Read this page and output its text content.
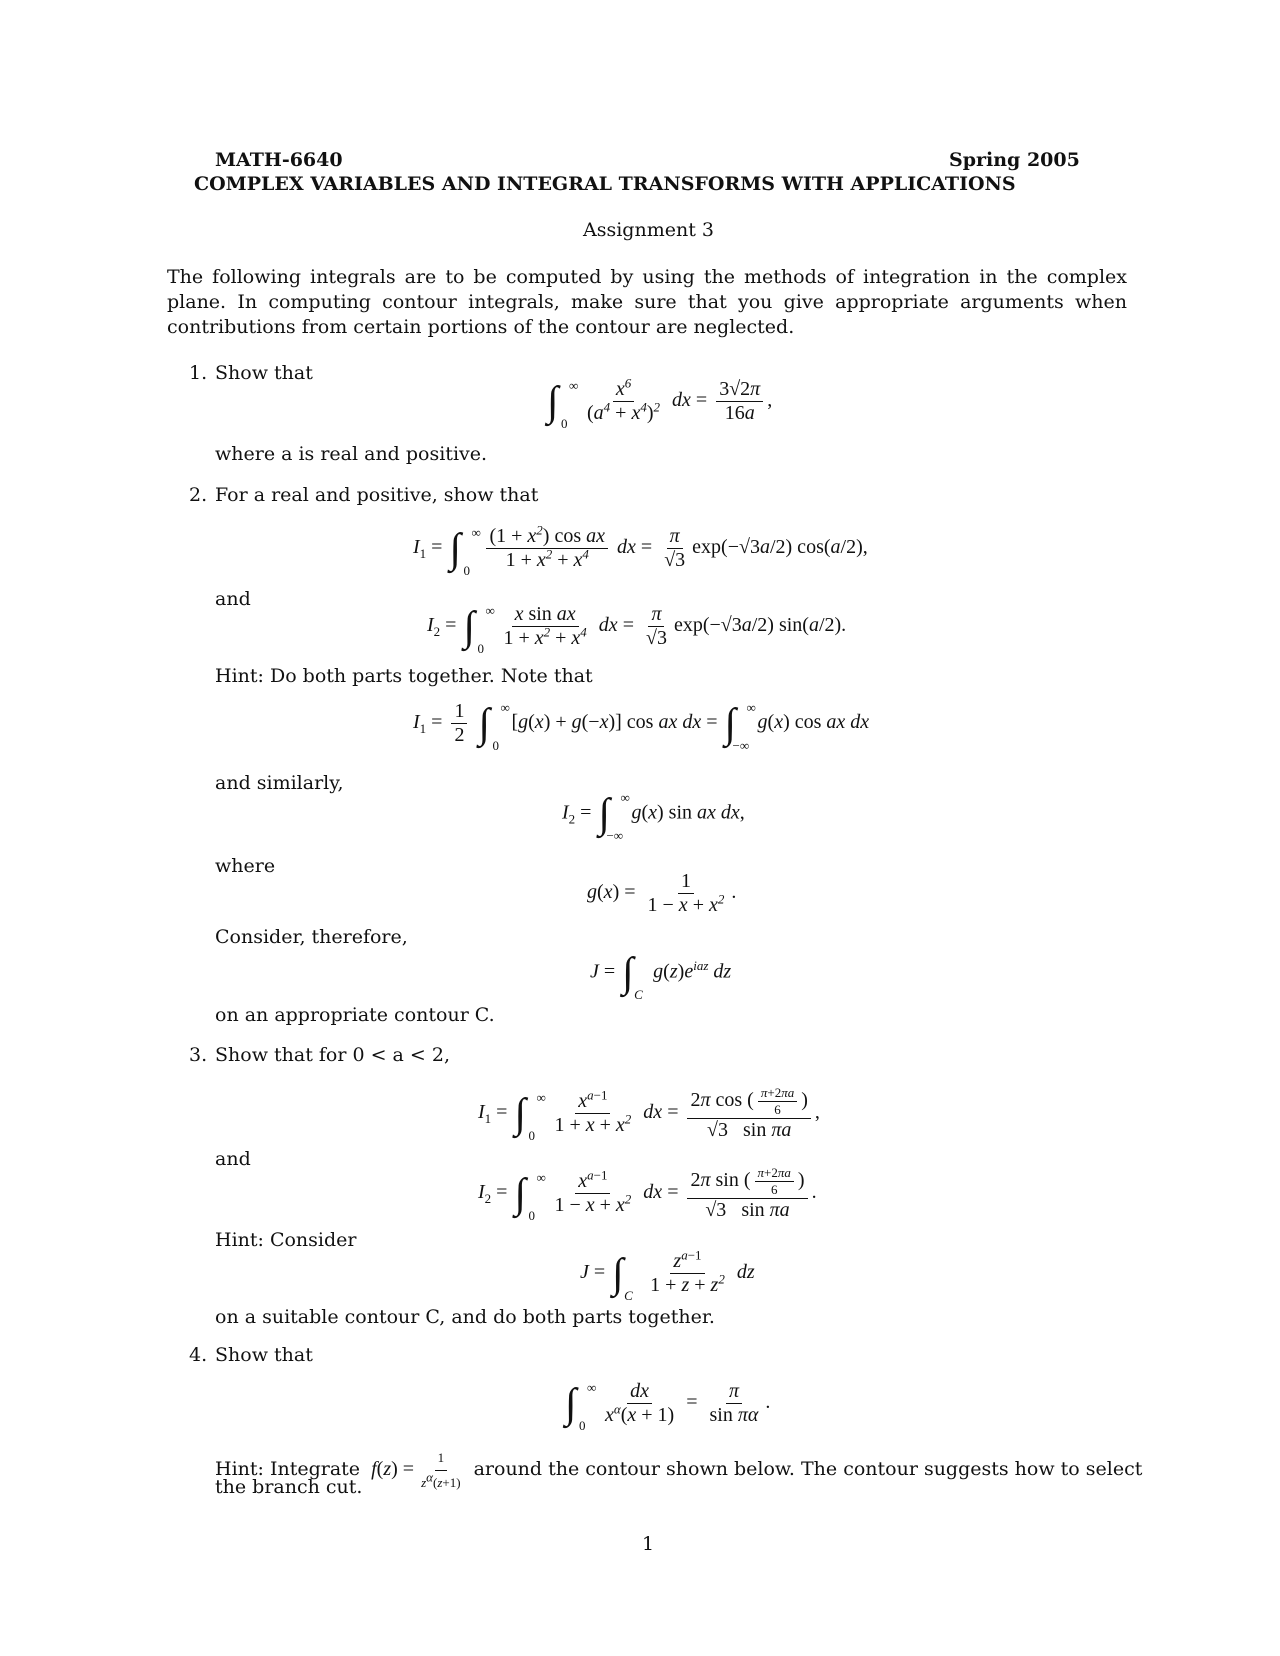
MATH-6640	Spring 2005
COMPLEX VARIABLES AND INTEGRAL TRANSFORMS WITH APPLICATIONS
Assignment 3
The following integrals are to be computed by using the methods of integration in the complex plane. In computing contour integrals, make sure that you give appropriate arguments when contributions from certain portions of the contour are neglected.
1. Show that
∫ ∞
0
$\frac{x^6}{(a^4 + x^4)^2}$ dx = $\frac{3√2\pi}{16a}$ ,
where a is real and positive.
2. For a real and positive, show that
$I_1$ = ∫ ∞
0
$\frac{(1 + x^2) \cos ax}{1 + x^2 + x^4}$ dx = $\frac{\pi}{√3} \exp(-√3a/2)$ cos(a/2),
and
$I_2$ = ∫ ∞
0
$\frac{\text{x sin ax}}{1 + x^2 + x^4}$ dx = $\frac{\pi}{√3} \exp(-√3a/2)$ sin(a/2).
Hint: Do both parts together. Note that
$I_1 = \frac{1}{2}$ ∫ ∞
0
[g(x) + g(−x)] cos ax dx = ∫ ∞
−∞
g(x) cos ax dx
and similarly,
$I_2$ = ∫ ∞
−∞
g(x) sin ax dx,
where
$g(x) = \frac{1}{1 - x + x^2}$ .
Consider, therefore,
J = ∫ C
$g(z)e^{iaz}$ dz
on an appropriate contour C.
3. Show that for 0 < a < 2,
$I_1$ = ∫ ∞
0
$\frac{x^{a-1}}{1 + x + x^2}$ dx = $\frac{2\pi \cos ( \frac{\pi+2\pi a}{6} )}{\text{√3 sin πa}}$ ,
and
$I_2$ = ∫ ∞
0
$\frac{x^{a-1}}{1 - x + x^2}$ dx = $\frac{2\pi \sin ( \frac{\pi+2\pi a}{6} )}{\text{√3 sin πa}}$ .
Hint: Consider
J = ∫ C
$\frac{z^{a-1}}{1 + z + z^2}$ dz
on a suitable contour C, and do both parts together.
4. Show that
∫ ∞
0
$\frac{dx}{x^\alpha(x + 1)} = \frac{\pi}{\text{sin πα}}$ .
Hint: Integrate  $f(z) = \frac{1}{z^\alpha(z+1)}$ around the contour shown below. The contour suggests how to select
the branch cut.
1
